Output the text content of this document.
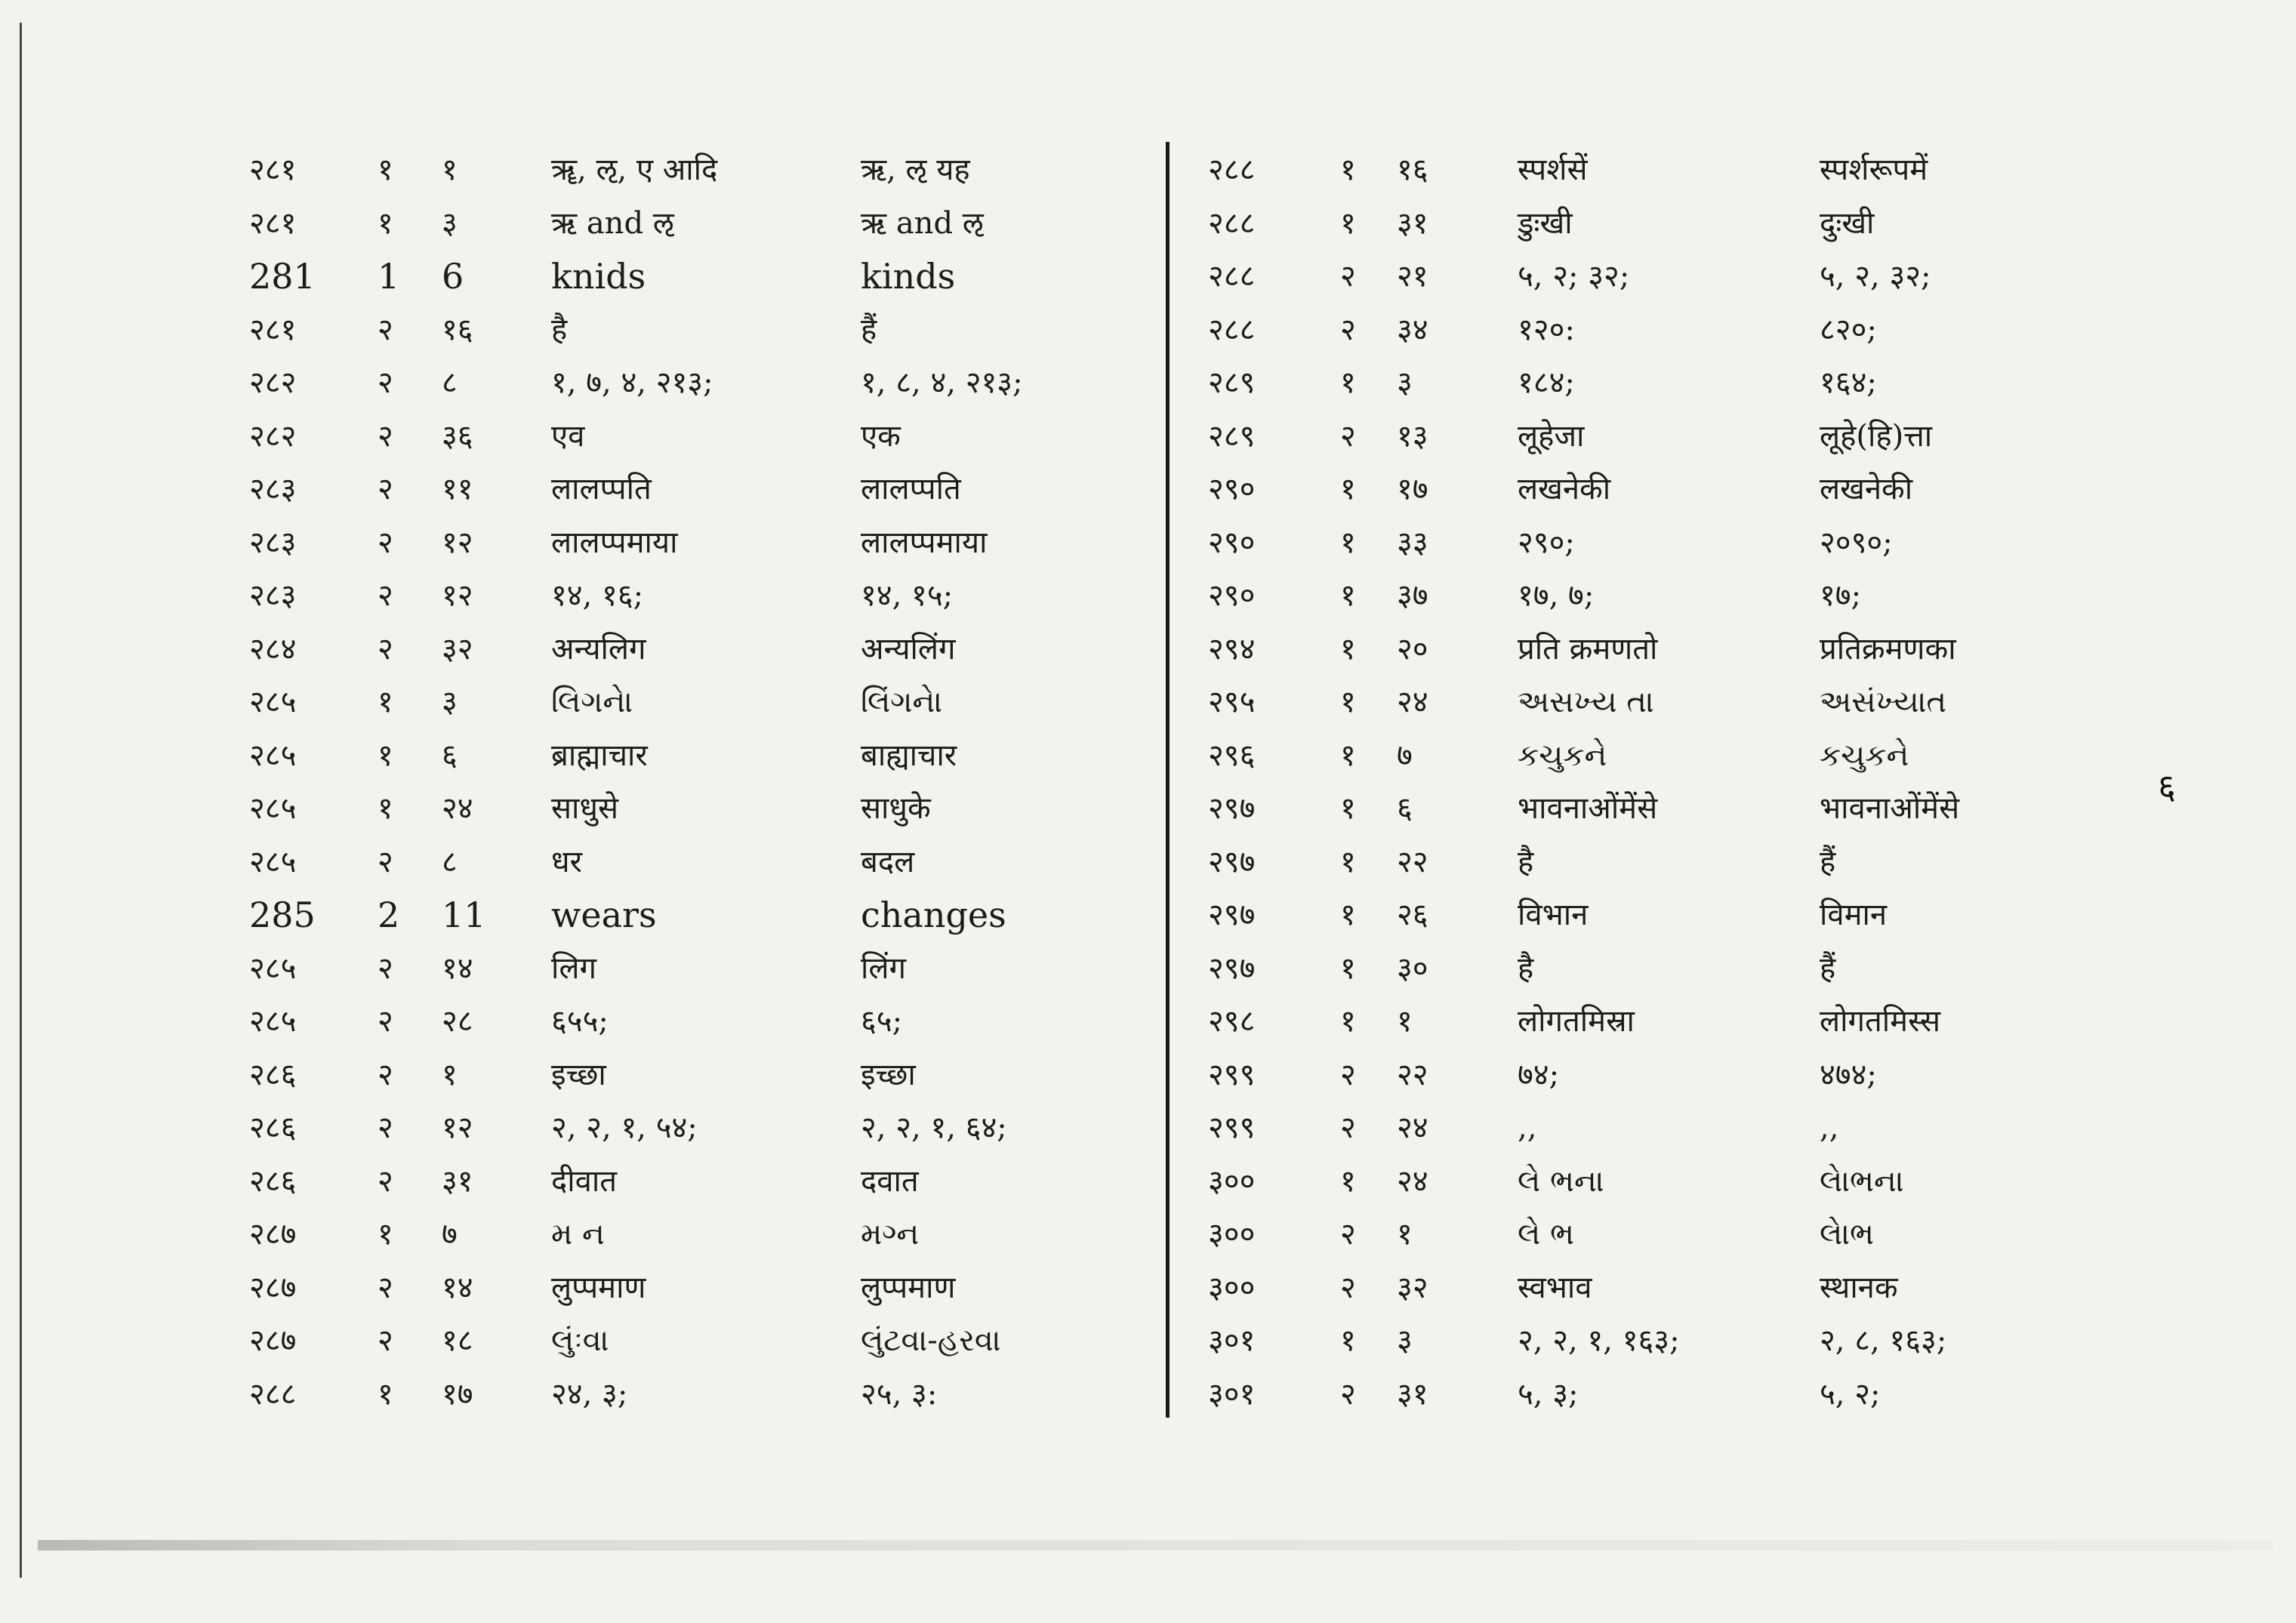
२८१	१ १	ॠ, ऌ, ए आदि	ऋ, ऌ यह
२८१	१ ३	ऋ and ऌ	ऋ and ऌ
281 1 6	knids	kinds
२८१	२ १६	है	हैं
२८२	२ ८	१, ७, ४, २१३;	१, ८, ४, २१३;
२८२	२ ३६	एव	एक
२८३	२ ११	लालप्पति	लालप्पति
२८३	२ १२	लालप्पमाया	लालप्पमाया
२८३	२ १२	१४, १६;	१४, १५;
२८४	२ ३२	अन्यलिग	अन्यलिंग
२८५	१ ३	લિગનેા	લિંગનેા
२८५	१ ६	ब्राह्माचार	बाह्याचार
२८५	१ २४	साधुसे	साधुके
२८५	२ ८	धर	बदल
285 2 11 wears	changes
२८५	२ १४	लिग	लिंग
२८५	२ २८	६५५;	६५;
२८६	२ १	इच्छा	इच्छा
२८६	२ १२	२, २, १, ५४;	२, २, १, ६४;
२८६	२ ३१	दीवात	दवात
२८७	१ ७	મ ન	મગ્ન
२८७	२ १४	लुप्पमाण	लुप्पमाण
२८७	२ १८	લુંઃવા	લુંટવા-હરવા
२८८	१ १७	२४, ३;	२५, ३:
२८८	१ १६	स्पर्शसें	स्पर्शरूपमें
२८८	१ ३१	डुःखी	दुःखी
२८८	२ २१	५, २; ३२;	५, २, ३२;
२८८	२ ३४	१२०:	८२०;
२८९	१ ३	१८४;	१६४;
२८९	२ १३	लूहेजा	लूहे(हि)त्ता
२९०	१ १७	लखनेकी	लखनेकी
२९०	१ ३३	२९०;	२०९०;
२९०	१ ३७	१७, ७;	१७;
२९४	१ २०	प्रति क्रमणतो	प्रतिक्रमणका
२९५	१ २४	અસખ્ય તા	અસંખ્યાત
२९६	१ ७	કચુકને	કચુકને
२९७	१ ६	भावनाओंमेंसे	भावनाओंमेंसे
२९७	१ २२	है	हैं
२९७	१ २६	विभान	विमान
२९७	१ ३०	है	हैं
२९८	१ १	लोगतमिस्रा	लोगतमिस्स
२९९	२ २२	७४;	४७४;
२९९	२ २४	,,	,,
३००	१ २४	લે ભના	લેાભના
३००	२ १	લે ભ	લેાભ
३००	२ ३२	स्वभाव	स्थानक
३०१	१ ३	२, २, १, १६३;	२, ८, १६३;
३०१	२ ३१	५, ३;	५, २;
६
